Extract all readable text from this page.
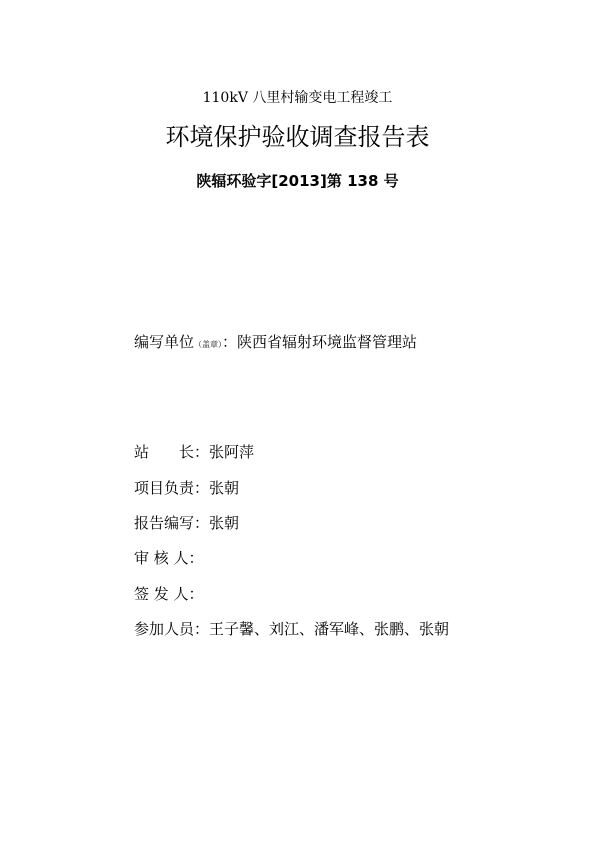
110kV 八里村输变电工程竣工
环境保护验收调查报告表
陕辐环验字[2013]第 138 号
编写单位（盖章）：陕西省辐射环境监督管理站
站　　长：张阿萍
项目负责：张朝
报告编写：张朝
审 核 人：
签 发 人：
参加人员：王子馨、刘江、潘军峰、张鹏、张朝
